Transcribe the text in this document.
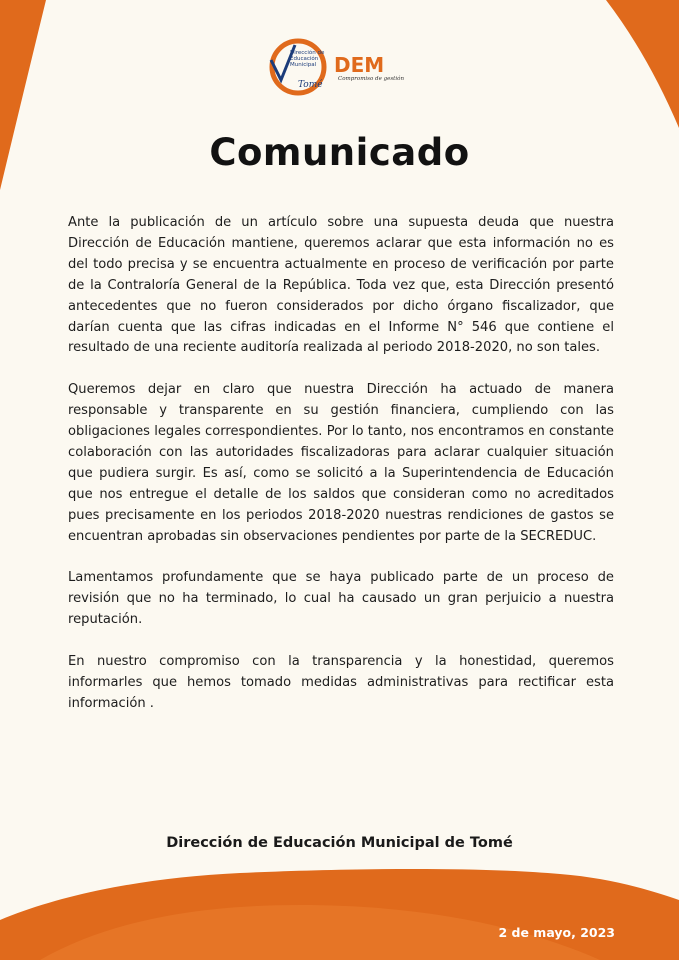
Dirección de
Educación
Municipal
Tomé
DEM
Compromiso de gestión
Comunicado

Ante la publicación de un artículo sobre una supuesta deuda que nuestra Dirección de Educación mantiene, queremos aclarar que esta información no es del todo precisa y se encuentra actualmente en proceso de verificación por parte de la Contraloría General de la República. Toda vez que, esta Dirección presentó antecedentes que no fueron considerados por dicho órgano fiscalizador, que darían cuenta que las cifras indicadas en el Informe N° 546 que contiene el resultado de una reciente auditoría realizada al periodo 2018-2020, no son tales.

Queremos dejar en claro que nuestra Dirección ha actuado de manera responsable y transparente en su gestión financiera, cumpliendo con las obligaciones legales correspondientes. Por lo tanto, nos encontramos en constante colaboración con las autoridades fiscalizadoras para aclarar cualquier situación que pudiera surgir. Es así, como se solicitó a la Superintendencia de Educación que nos entregue el detalle de los saldos que consideran como no acreditados pues precisamente en los periodos 2018-2020 nuestras rendiciones de gastos se encuentran aprobadas sin observaciones pendientes por parte de la SECREDUC.

Lamentamos profundamente que se haya publicado parte de un proceso de revisión que no ha terminado, lo cual ha causado un gran perjuicio a nuestra reputación.

En nuestro compromiso con la transparencia y la honestidad, queremos informarles que hemos tomado medidas administrativas para rectificar esta información .

Dirección de Educación Municipal de Tomé
2 de mayo, 2023
